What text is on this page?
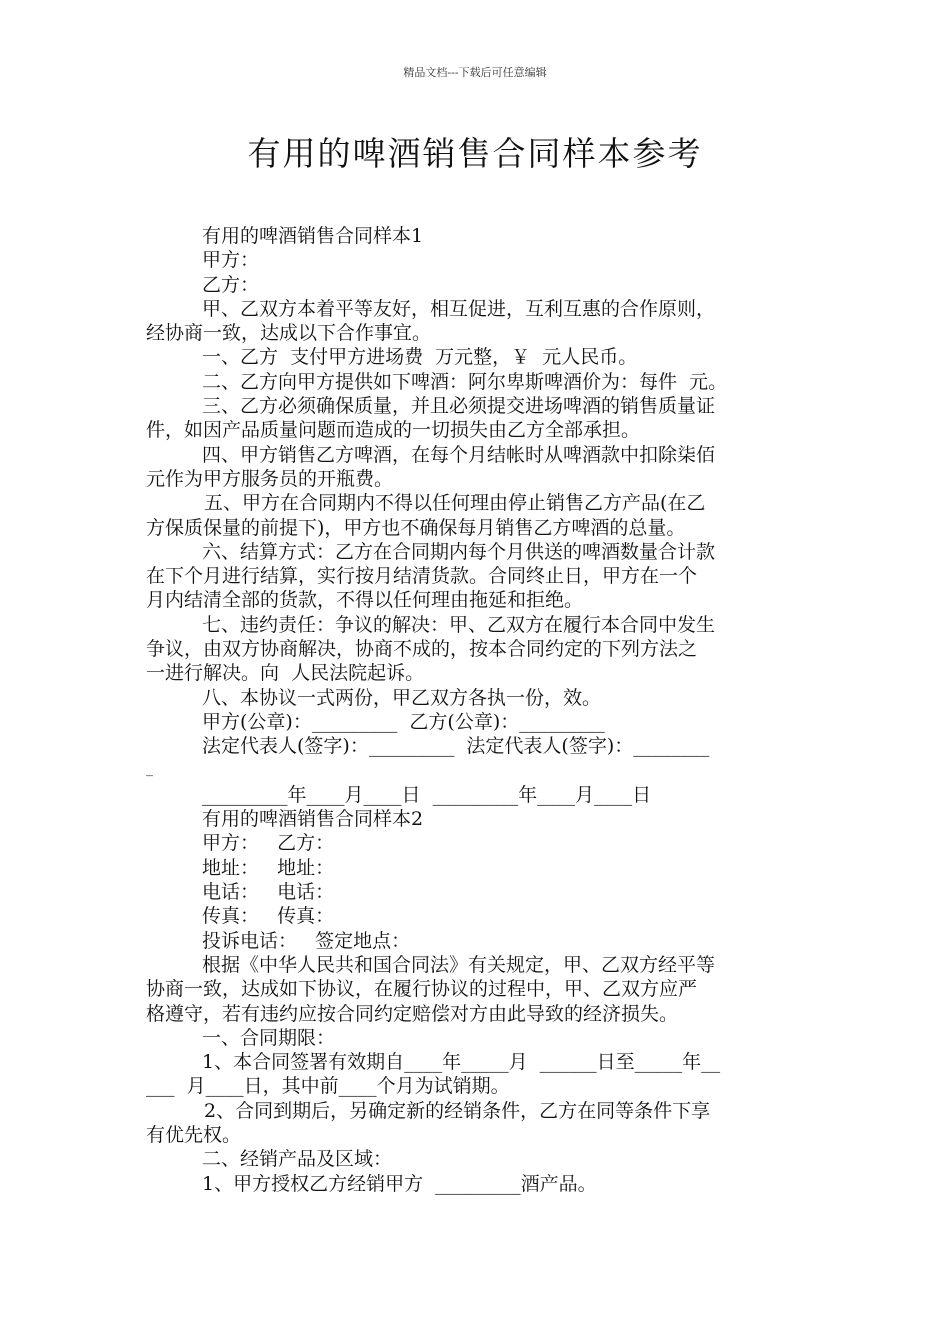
精品文档---下载后可任意编辑
有用的啤酒销售合同样本参考
有用的啤酒销售合同样本1
甲方：
乙方：
甲、乙双方本着平等友好，相互促进，互利互惠的合作原则，
经协商一致，达成以下合作事宜。
一、乙方  支付甲方进场费  万元整，￥  元人民币。
二、乙方向甲方提供如下啤酒：阿尔卑斯啤酒价为：每件  元。
三、乙方必须确保质量，并且必须提交进场啤酒的销售质量证
件，如因产品质量问题而造成的一切损失由乙方全部承担。
四、甲方销售乙方啤酒，在每个月结帐时从啤酒款中扣除柒佰
元作为甲方服务员的开瓶费。
五、甲方在合同期内不得以任何理由停止销售乙方产品(在乙
方保质保量的前提下)，甲方也不确保每月销售乙方啤酒的总量。
六、结算方式：乙方在合同期内每个月供送的啤酒数量合计款
在下个月进行结算，实行按月结清货款。合同终止日，甲方在一个
月内结清全部的货款，不得以任何理由拖延和拒绝。
七、违约责任：争议的解决：甲、乙双方在履行本合同中发生
争议，由双方协商解决，协商不成的，按本合同约定的下列方法之
一进行解决。向  人民法院起诉。
八、本协议一式两份，甲乙双方各执一份，效。
甲方(公章)：_________  乙方(公章)：_________
法定代表人(签字)：_________  法定代表人(签字)：________
_
_________年____月____日  _________年____月____日
有用的啤酒销售合同样本2
甲方：   乙方：
地址：   地址：
电话：   电话：
传真：   传真：
投诉电话：   签定地点：
根据《中华人民共和国合同法》有关规定，甲、乙双方经平等
协商一致，达成如下协议，在履行协议的过程中，甲、乙双方应严
格遵守，若有违约应按合同约定赔偿对方由此导致的经济损失。
一、合同期限：
1、本合同签署有效期自____年_____月  ______日至_____年__
___  月____日，其中前____个月为试销期。
2、合同到期后，另确定新的经销条件，乙方在同等条件下享
有优先权。
二、经销产品及区域：
1、甲方授权乙方经销甲方  _________酒产品。
